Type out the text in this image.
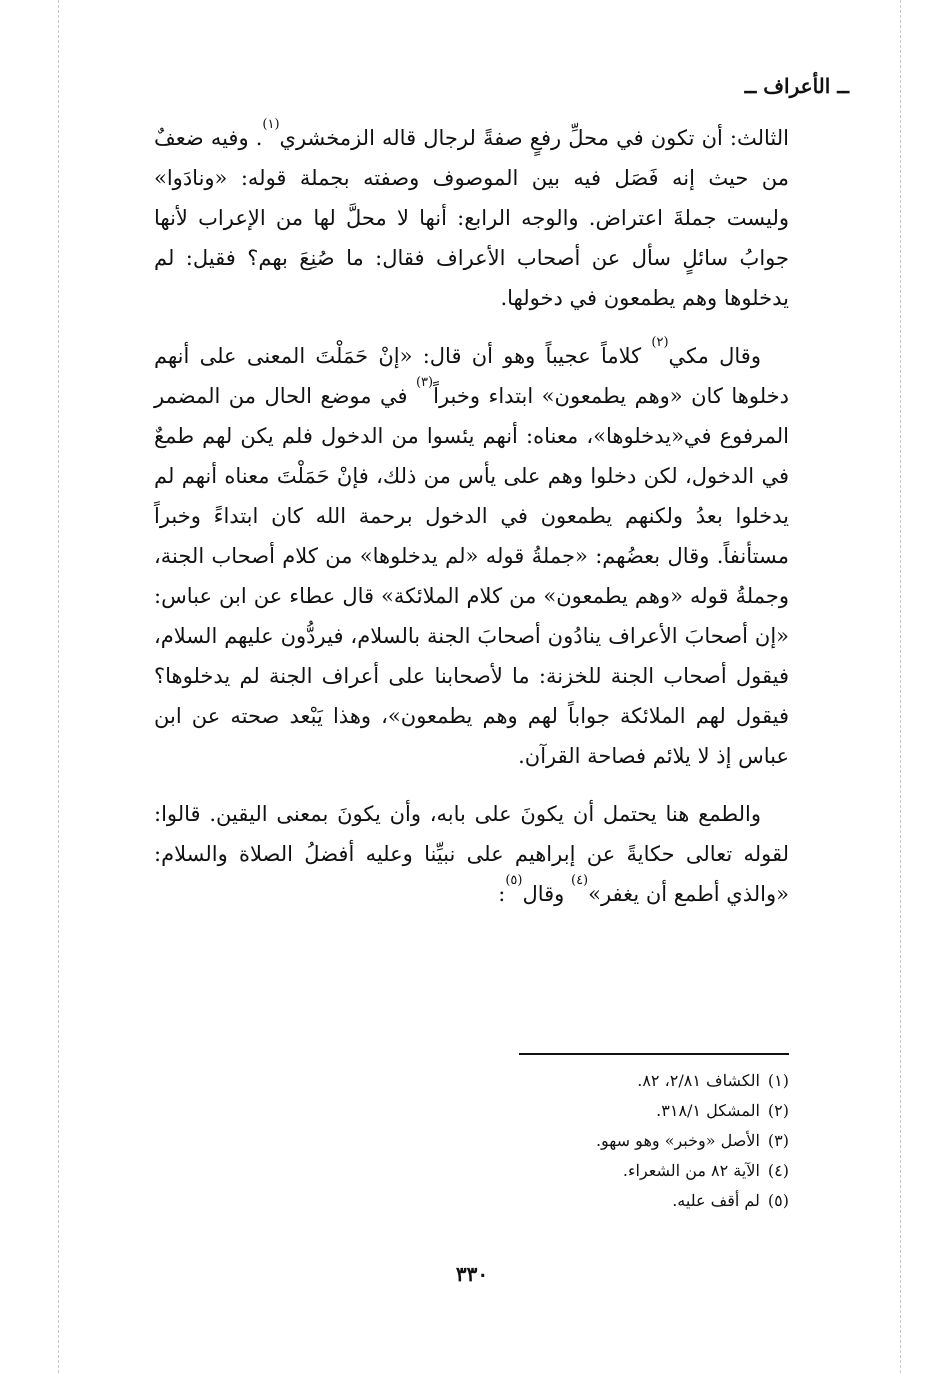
ــ الأعراف ــ

الثالث: أن تكون في محلِّ رفعٍ صفةً لرجال قاله الزمخشري$^{(١)}$. وفيه ضعفٌ من حيث إنه فَصَل فيه بين الموصوف وصفته بجملة قوله: «ونادَوا» وليست جملةَ اعتراض. والوجه الرابع: أنها لا محلَّ لها من الإعراب لأنها جوابُ سائلٍ سأل عن أصحاب الأعراف فقال: ما صُنِعَ بهم؟ فقيل: لم يدخلوها وهم يطمعون في دخولها.

وقال مكي$^{(٢)}$ كلاماً عجيباً وهو أن قال: «إنْ حَمَلْتَ المعنى على أنهم دخلوها كان «وهم يطمعون» ابتداء وخبراً$^{(٣)}$ في موضع الحال من المضمر المرفوع في«يدخلوها»، معناه: أنهم يئسوا من الدخول فلم يكن لهم طمعٌ في الدخول، لكن دخلوا وهم على يأس من ذلك، فإنْ حَمَلْتَ معناه أنهم لم يدخلوا بعدُ ولكنهم يطمعون في الدخول برحمة الله كان ابتداءً وخبراً مستأنفاً. وقال بعضُهم: «جملةُ قوله «لم يدخلوها» من كلام أصحاب الجنة، وجملةُ قوله «وهم يطمعون» من كلام الملائكة» قال عطاء عن ابن عباس: «إن أصحابَ الأعراف ينادُون أصحابَ الجنة بالسلام، فيردُّون عليهم السلام، فيقول أصحاب الجنة للخزنة: ما لأصحابنا على أعراف الجنة لم يدخلوها؟ فيقول لهم الملائكة جواباً لهم وهم يطمعون»، وهذا يَبْعد صحته عن ابن عباس إذ لا يلائم فصاحة القرآن.

والطمع هنا يحتمل أن يكونَ على بابه، وأن يكونَ بمعنى اليقين. قالوا: لقوله تعالى حكايةً عن إبراهيم على نبيِّنا وعليه أفضلُ الصلاة والسلام: «والذي أطمع أن يغفر»$^{(٤)}$ وقال$^{(٥)}$:

(١)الكشاف ٢/٨١، ٨٢.
(٢)المشكل ٣١٨/١.
(٣)الأصل «وخبر» وهو سهو.
(٤)الآية ٨٢ من الشعراء.
(٥)لم أقف عليه.
٣٣٠
